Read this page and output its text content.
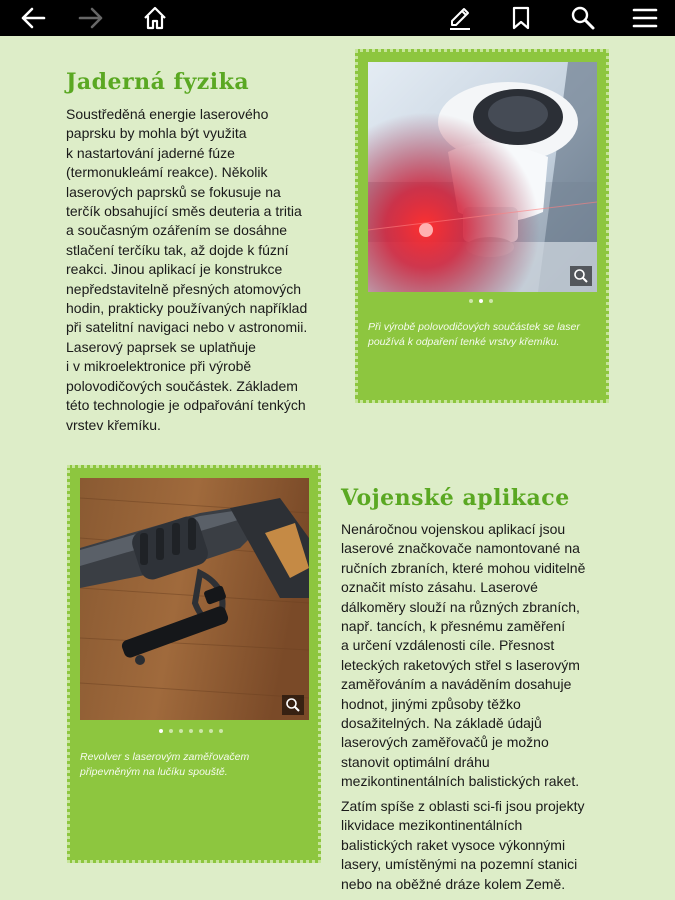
Jaderná fyzika
Soustředěná energie laserového
paprsku by mohla být využita
k nastartování jaderné fúze
(termonukleámí reakce). Několik
laserových paprsků se fokusuje na
terčík obsahující směs deuteria a tritia
a současným ozářením se dosáhne
stlačení terčíku tak, až dojde k fúzní
reakci. Jinou aplikací je konstrukce
nepředstavitelně přesných atomových
hodin, prakticky používaných například
při satelitní navigaci nebo v astronomii.
Laserový paprsek se uplatňuje
i v mikroelektronice při výrobě
polovodičových součástek. Základem
této technologie je odpařování tenkých
vrstev křemíku.
Při výrobě polovodičových součástek se laser používá k odpaření tenké vrstvy křemíku.
Revolver s laserovým zaměřovačem připevněným na lučíku spouště.
Vojenské aplikace
Nenáročnou vojenskou aplikací jsou
laserové značkovače namontované na
ručních zbraních, které mohou viditelně
označit místo zásahu. Laserové
dálkoměry slouží na různých zbraních,
např. tancích, k přesnému zaměření
a určení vzdálenosti cíle. Přesnost
leteckých raketových střel s laserovým
zaměřováním a naváděním dosahuje
hodnot, jinými způsoby těžko
dosažitelných. Na základě údajů
laserových zaměřovačů je možno
stanovit optimální dráhu
mezikontinentálních balistických raket.
Zatím spíše z oblasti sci-fi jsou projekty
likvidace mezikontinentálních
balistických raket vysoce výkonnými
lasery, umístěnými na pozemní stanici
nebo na oběžné dráze kolem Země.
